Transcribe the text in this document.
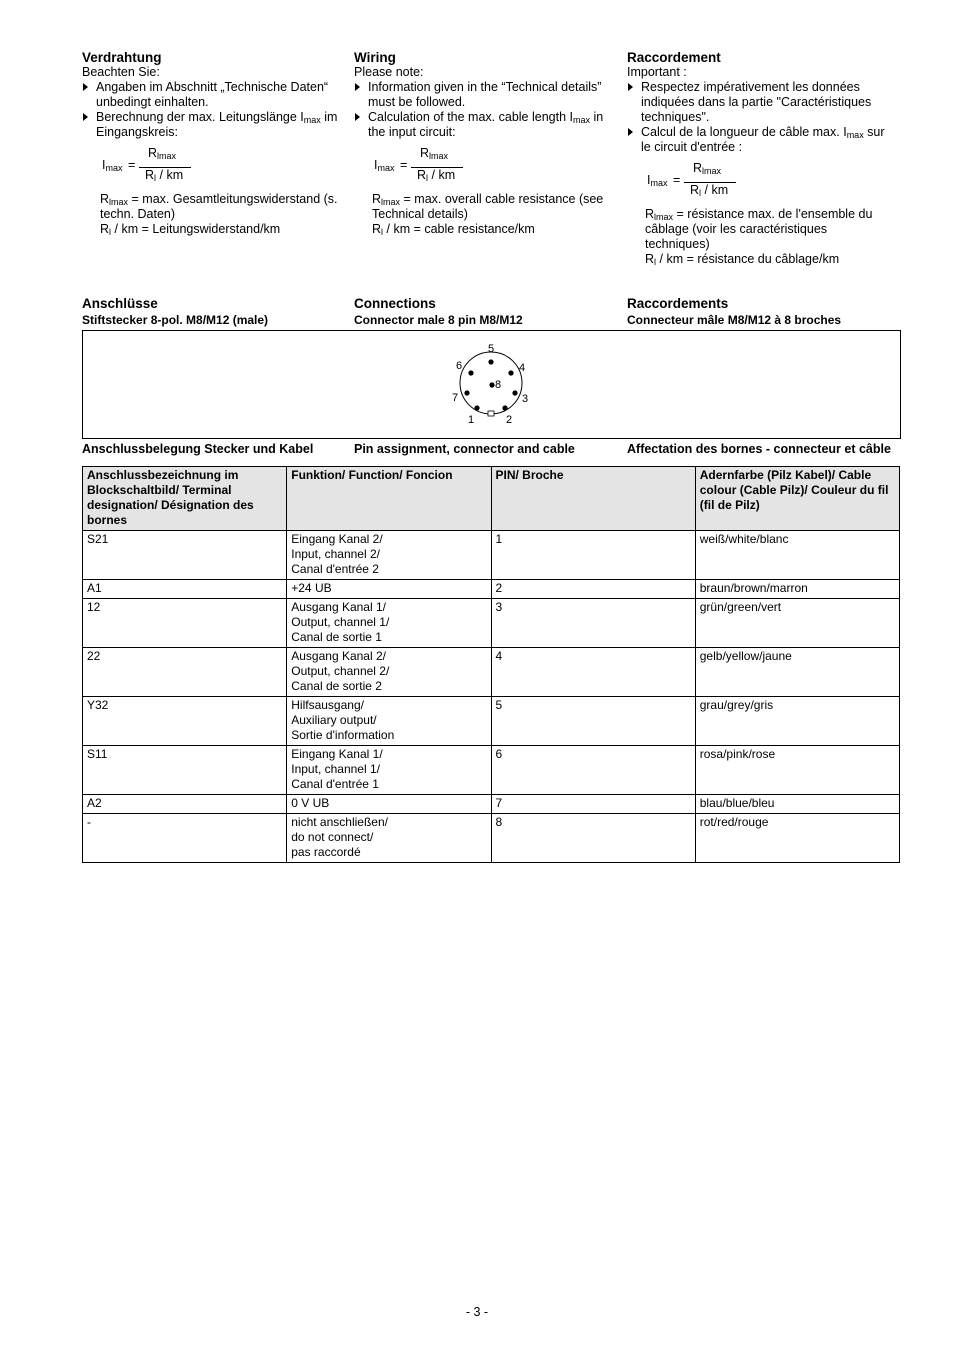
Verdrahtung
Beachten Sie:
Angaben im Abschnitt „Technische Daten“ unbedingt einhalten.
Berechnung der max. Leitungslänge $I_{max}$ im Eingangskreis:
$I_{max}$ =
$R_{lmax}$
$R_l$ / km
$R_{lmax} = \max$. Gesamtleitungswiderstand (s. techn. Daten)
$R_l$ / km = Leitungswiderstand/km
Wiring
Please note:
Information given in the “Technical details” must be followed.
Calculation of the max. cable length $I_{max}$ in the input circuit:
$I_{max}$ =
$R_{lmax}$
$R_l$ / km
$R_{lmax} = \max$. overall cable resistance (see Technical details)
$R_l$ / km = cable resistance/km
Raccordement
Important :
Respectez impérativement les données indiquées dans la partie "Caractéristiques techniques".
Calcul de la longueur de câble max. $I_{max}$ sur le circuit d'entrée :
$I_{max}$ =
$R_{lmax}$
$R_l$ / km
$R_{lmax}$ = résistance max. de l'ensemble du câblage (voir les caractéristiques techniques)
$R_l$ / km = résistance du câblage/km
Anschlüsse
Stiftstecker 8-pol. M8/M12 (male)
Connections
Connector male 8 pin M8/M12
Raccordements
Connecteur mâle M8/M12 à 8 broches
1	2
3
4
5
6
7
8
Anschlussbelegung Stecker und Kabel	Pin assignment, connector and cable	Affectation des bornes - connecteur et câble
Anschlussbezeichnung im Blockschaltbild/ Terminal designation/ Désignation des bornes	Funktion/ Function/ Foncion	PIN/ Broche	Adernfarbe (Pilz Kabel)/ Cable colour (Cable Pilz)/ Couleur du fil (fil de Pilz)
S21	Eingang Kanal 2/
Input, channel 2/
Canal d'entrée 2	1	weiß/white/blanc
A1	+24 UB	2	braun/brown/marron
12	Ausgang Kanal 1/
Output, channel 1/
Canal de sortie 1	3	grün/green/vert
22	Ausgang Kanal 2/
Output, channel 2/
Canal de sortie 2	4	gelb/yellow/jaune
Y32	Hilfsausgang/
Auxiliary output/
Sortie d'information	5	grau/grey/gris
S11	Eingang Kanal 1/
Input, channel 1/
Canal d'entrée 1	6	rosa/pink/rose
A2	0 V UB	7	blau/blue/bleu
-	nicht anschließen/
do not connect/
pas raccordé	8	rot/red/rouge
- 3 -
